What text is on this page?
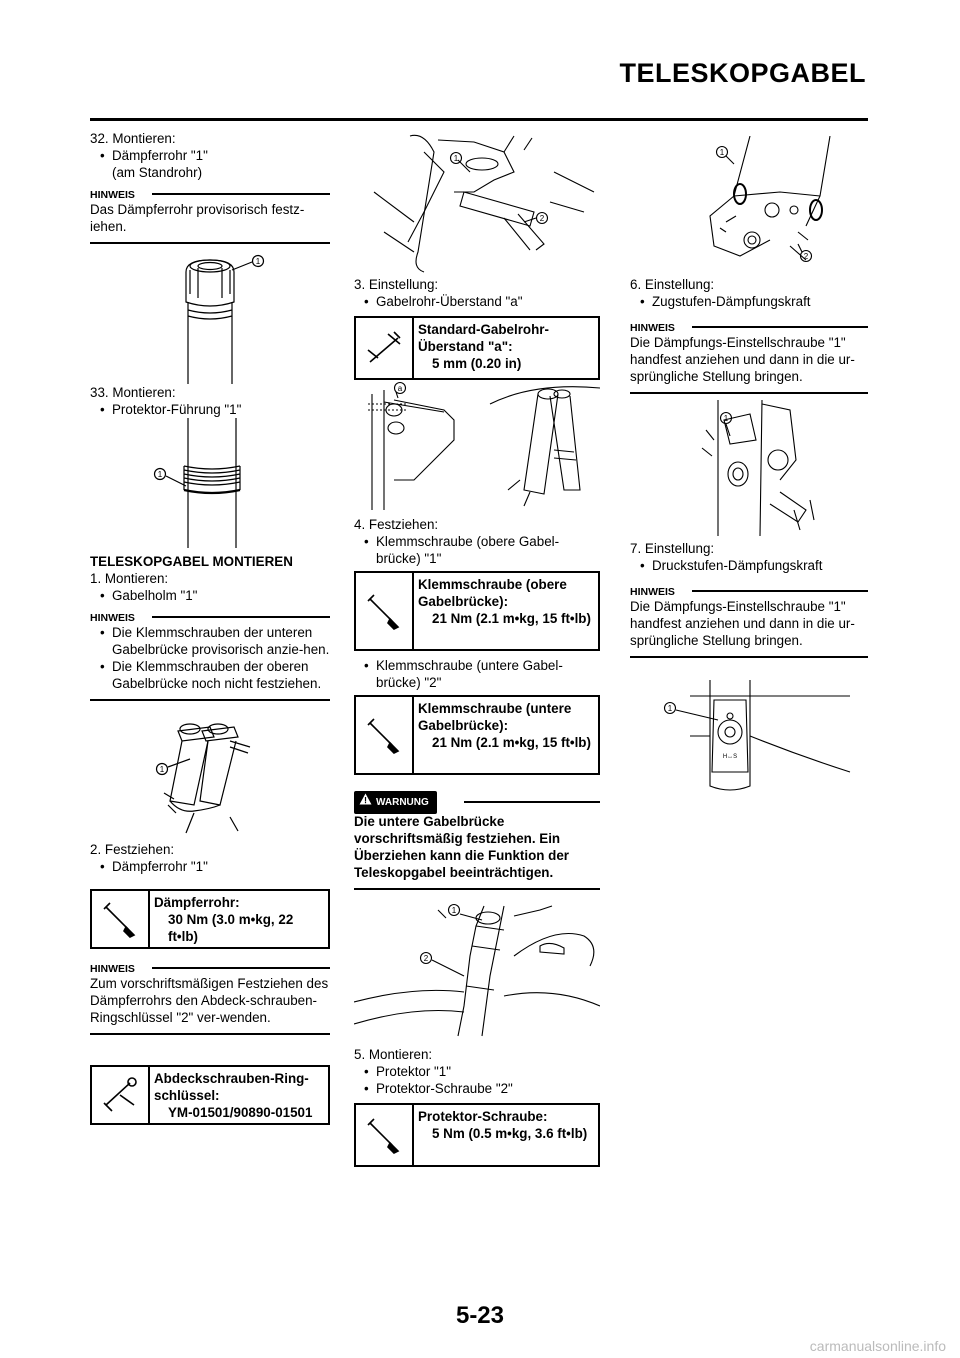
TELESKOPGABEL

32. Montieren:

• Dämpferrohr "1"

(am Standrohr)

HINWEIS

Das Dämpferrohr provisorisch festz-iehen.

1

33. Montieren:

• Protektor-Führung "1"

1

TELESKOPGABEL MONTIEREN

1. Montieren:

• Gabelholm "1"

HINWEIS

• Die Klemmschrauben der unteren Gabelbrücke provisorisch anzie-hen.

• Die Klemmschrauben der oberen Gabelbrücke noch nicht festziehen.

1

2. Festziehen:

• Dämpferrohr "1"

Dämpferrohr:
30 Nm (3.0 m•kg, 22 ft•lb)
HINWEIS

Zum vorschriftsmäßigen Festziehen des Dämpferrohrs den Abdeck-schrauben-Ringschlüssel "2" ver-wenden.

Abdeckschrauben-Ring-schlüssel:
YM-01501/90890-01501
1
2

3. Einstellung:

• Gabelrohr-Überstand "a"

Standard-Gabelrohr-Überstand "a":
5 mm (0.20 in)
a

4. Festziehen:

• Klemmschraube (obere Gabel-brücke) "1"

Klemmschraube (obere Gabelbrücke):
21 Nm (2.1 m•kg, 15 ft•lb)

• Klemmschraube (untere Gabel-brücke) "2"

Klemmschraube (untere Gabelbrücke):
21 Nm (2.1 m•kg, 15 ft•lb)
WARNUNG

Die untere Gabelbrücke vorschriftsmäßig festziehen. Ein Überziehen kann die Funktion der Teleskopgabel beeinträchtigen.

1
2

5. Montieren:

• Protektor "1"

• Protektor-Schraube "2"

Protektor-Schraube:
5 Nm (0.5 m•kg, 3.6 ft•lb)
1
2

6. Einstellung:

• Zugstufen-Dämpfungskraft

HINWEIS

Die Dämpfungs-Einstellschraube "1" handfest anziehen und dann in die ur-sprüngliche Stellung bringen.

1

7. Einstellung:

• Druckstufen-Dämpfungskraft

HINWEIS

Die Dämpfungs-Einstellschraube "1" handfest anziehen und dann in die ur-sprüngliche Stellung bringen.

1
H↔S
5-23
carmanualsonline.info
